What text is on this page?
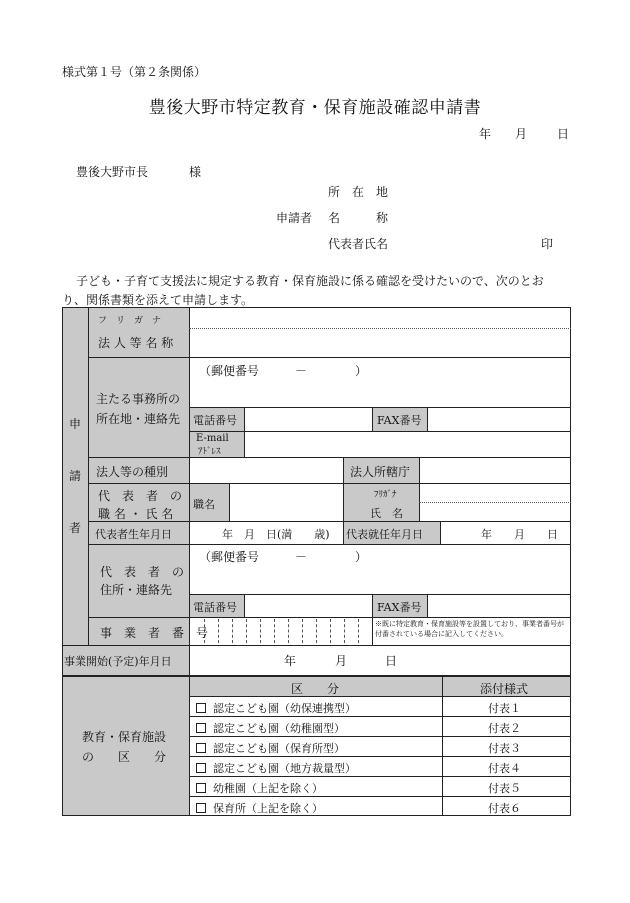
様式第１号（第２条関係）
豊後大野市特定教育・保育施設確認申請書
年 月 日
豊後大野市長	様
所　在　地
申請者 名　　　称
代表者氏名	印
子ども・子育て支援法に規定する教育・保育施設に係る確認を受けたいので、次のとお
り、関係書類を添えて申請します。
申
請
者
フ　リ　ガ　ナ
法 人 等 名 称
主たる事務所の
所在地・連絡先
（郵便番号　　　－　　　　）
電話番号	FAX番号
E-mail
ｱﾄﾞﾚｽ
法人等の種別	法人所轄庁
代　表　者　の
職 名 ・ 氏 名
職名
ﾌﾘｶﾞﾅ
氏　名
代表者生年月日	年　月　日(満　　歳) 代表就任年月日	年　　月　　日
代　表　者　の
住所・連絡先
（郵便番号　　　－　　　　）
電話番号	FAX番号
事　業　者　番　号
※既に特定教育・保育施設等を設置しており、事業者番号が付番されている場合に記入してください。
事業開始(予定)年月日	年	月	日
教育・保育施設
の　　区　　分
区　　分	添付様式
認定こども園（幼保連携型）	付表１
認定こども園（幼稚園型）	付表２
認定こども園（保育所型）	付表３
認定こども園（地方裁量型）	付表４
幼稚園（上記を除く）	付表５
保育所（上記を除く）	付表６
